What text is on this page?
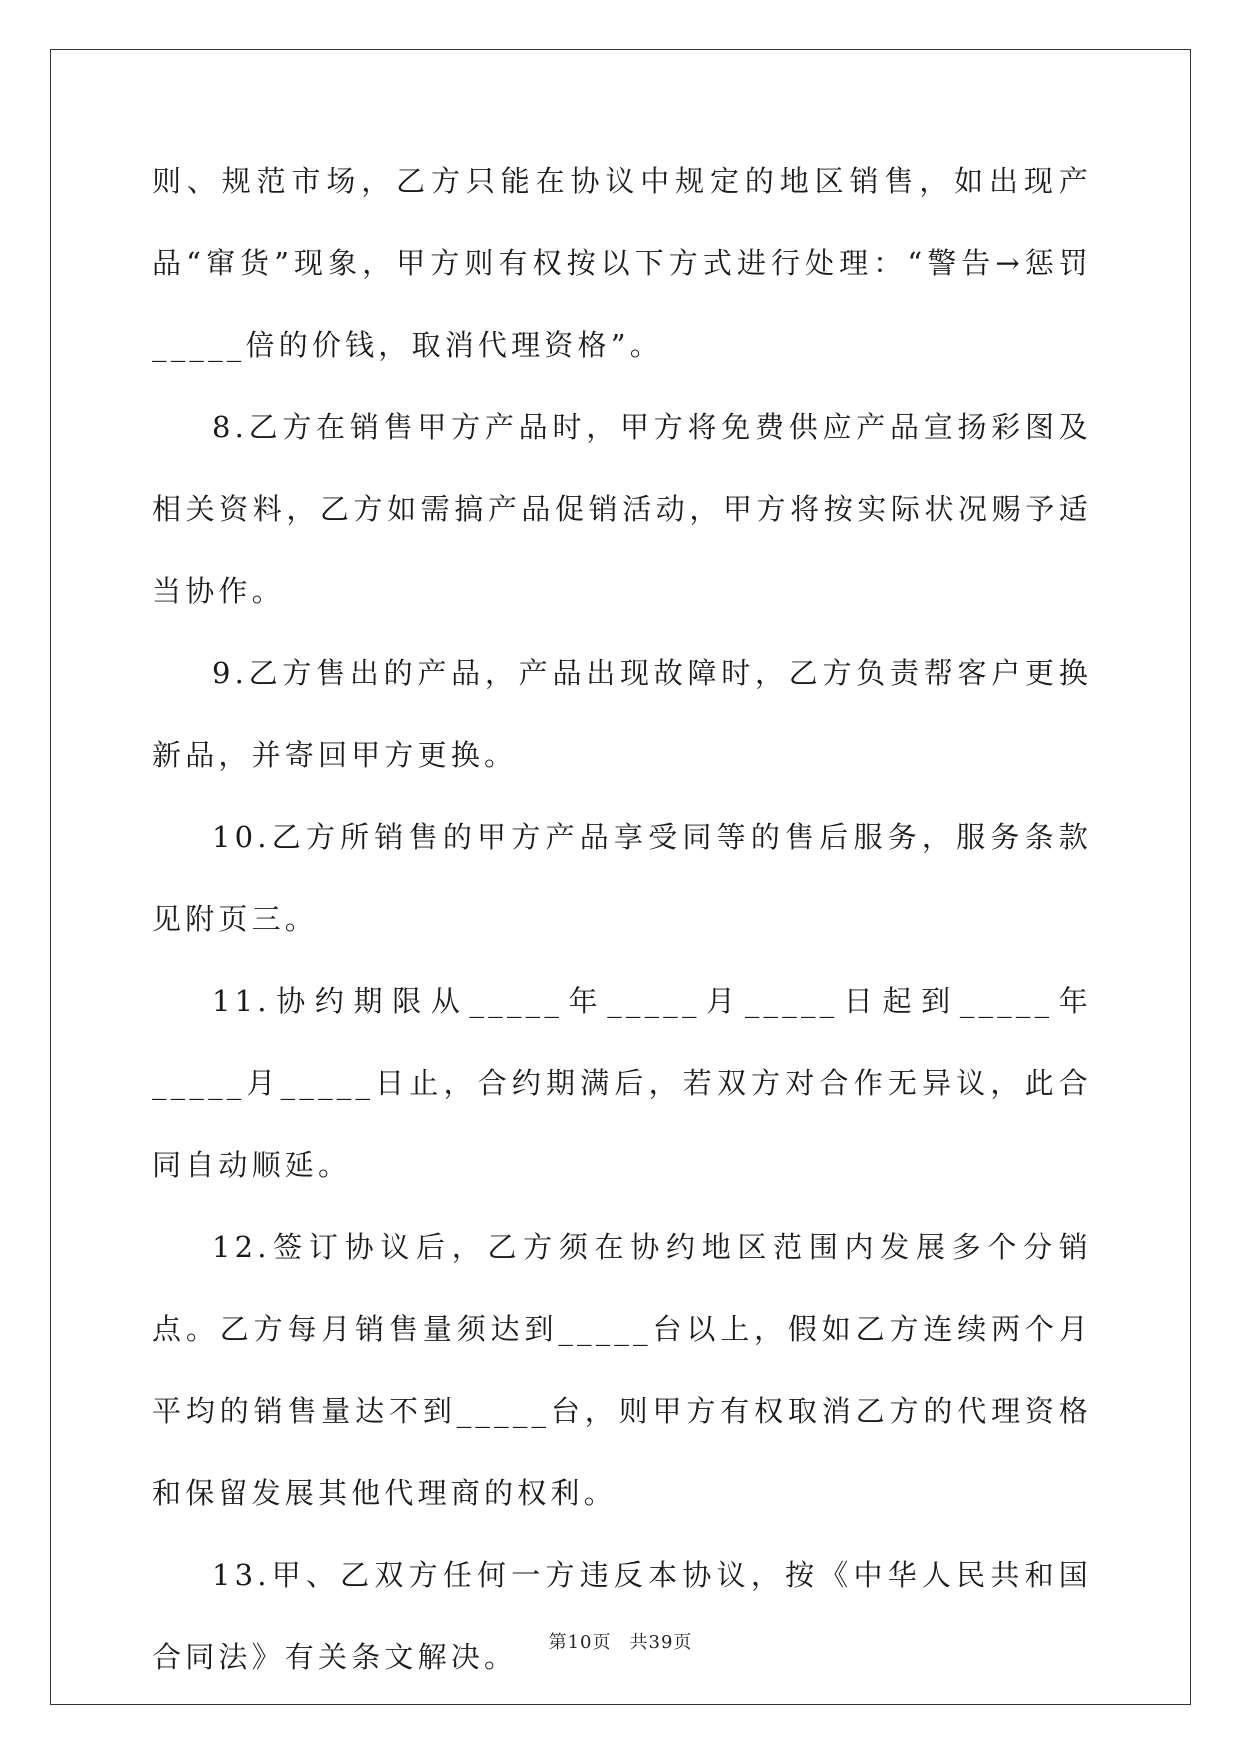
则、规范市场，乙方只能在协议中规定的地区销售，如出现产品“窜货”现象，甲方则有权按以下方式进行处理：“警告→惩罚_____倍的价钱，取消代理资格”。

8.乙方在销售甲方产品时，甲方将免费供应产品宣扬彩图及相关资料，乙方如需搞产品促销活动，甲方将按实际状况赐予适当协作。

9.乙方售出的产品，产品出现故障时，乙方负责帮客户更换新品，并寄回甲方更换。

10.乙方所销售的甲方产品享受同等的售后服务，服务条款见附页三。

11.协约期限从_____年_____月_____日起到_____年_____月_____日止，合约期满后，若双方对合作无异议，此合同自动顺延。

12.签订协议后，乙方须在协约地区范围内发展多个分销点。乙方每月销售量须达到_____台以上，假如乙方连续两个月平均的销售量达不到_____台，则甲方有权取消乙方的代理资格和保留发展其他代理商的权利。

13.甲、乙双方任何一方违反本协议，按《中华人民共和国合同法》有关条文解决。	第10页 共39页
